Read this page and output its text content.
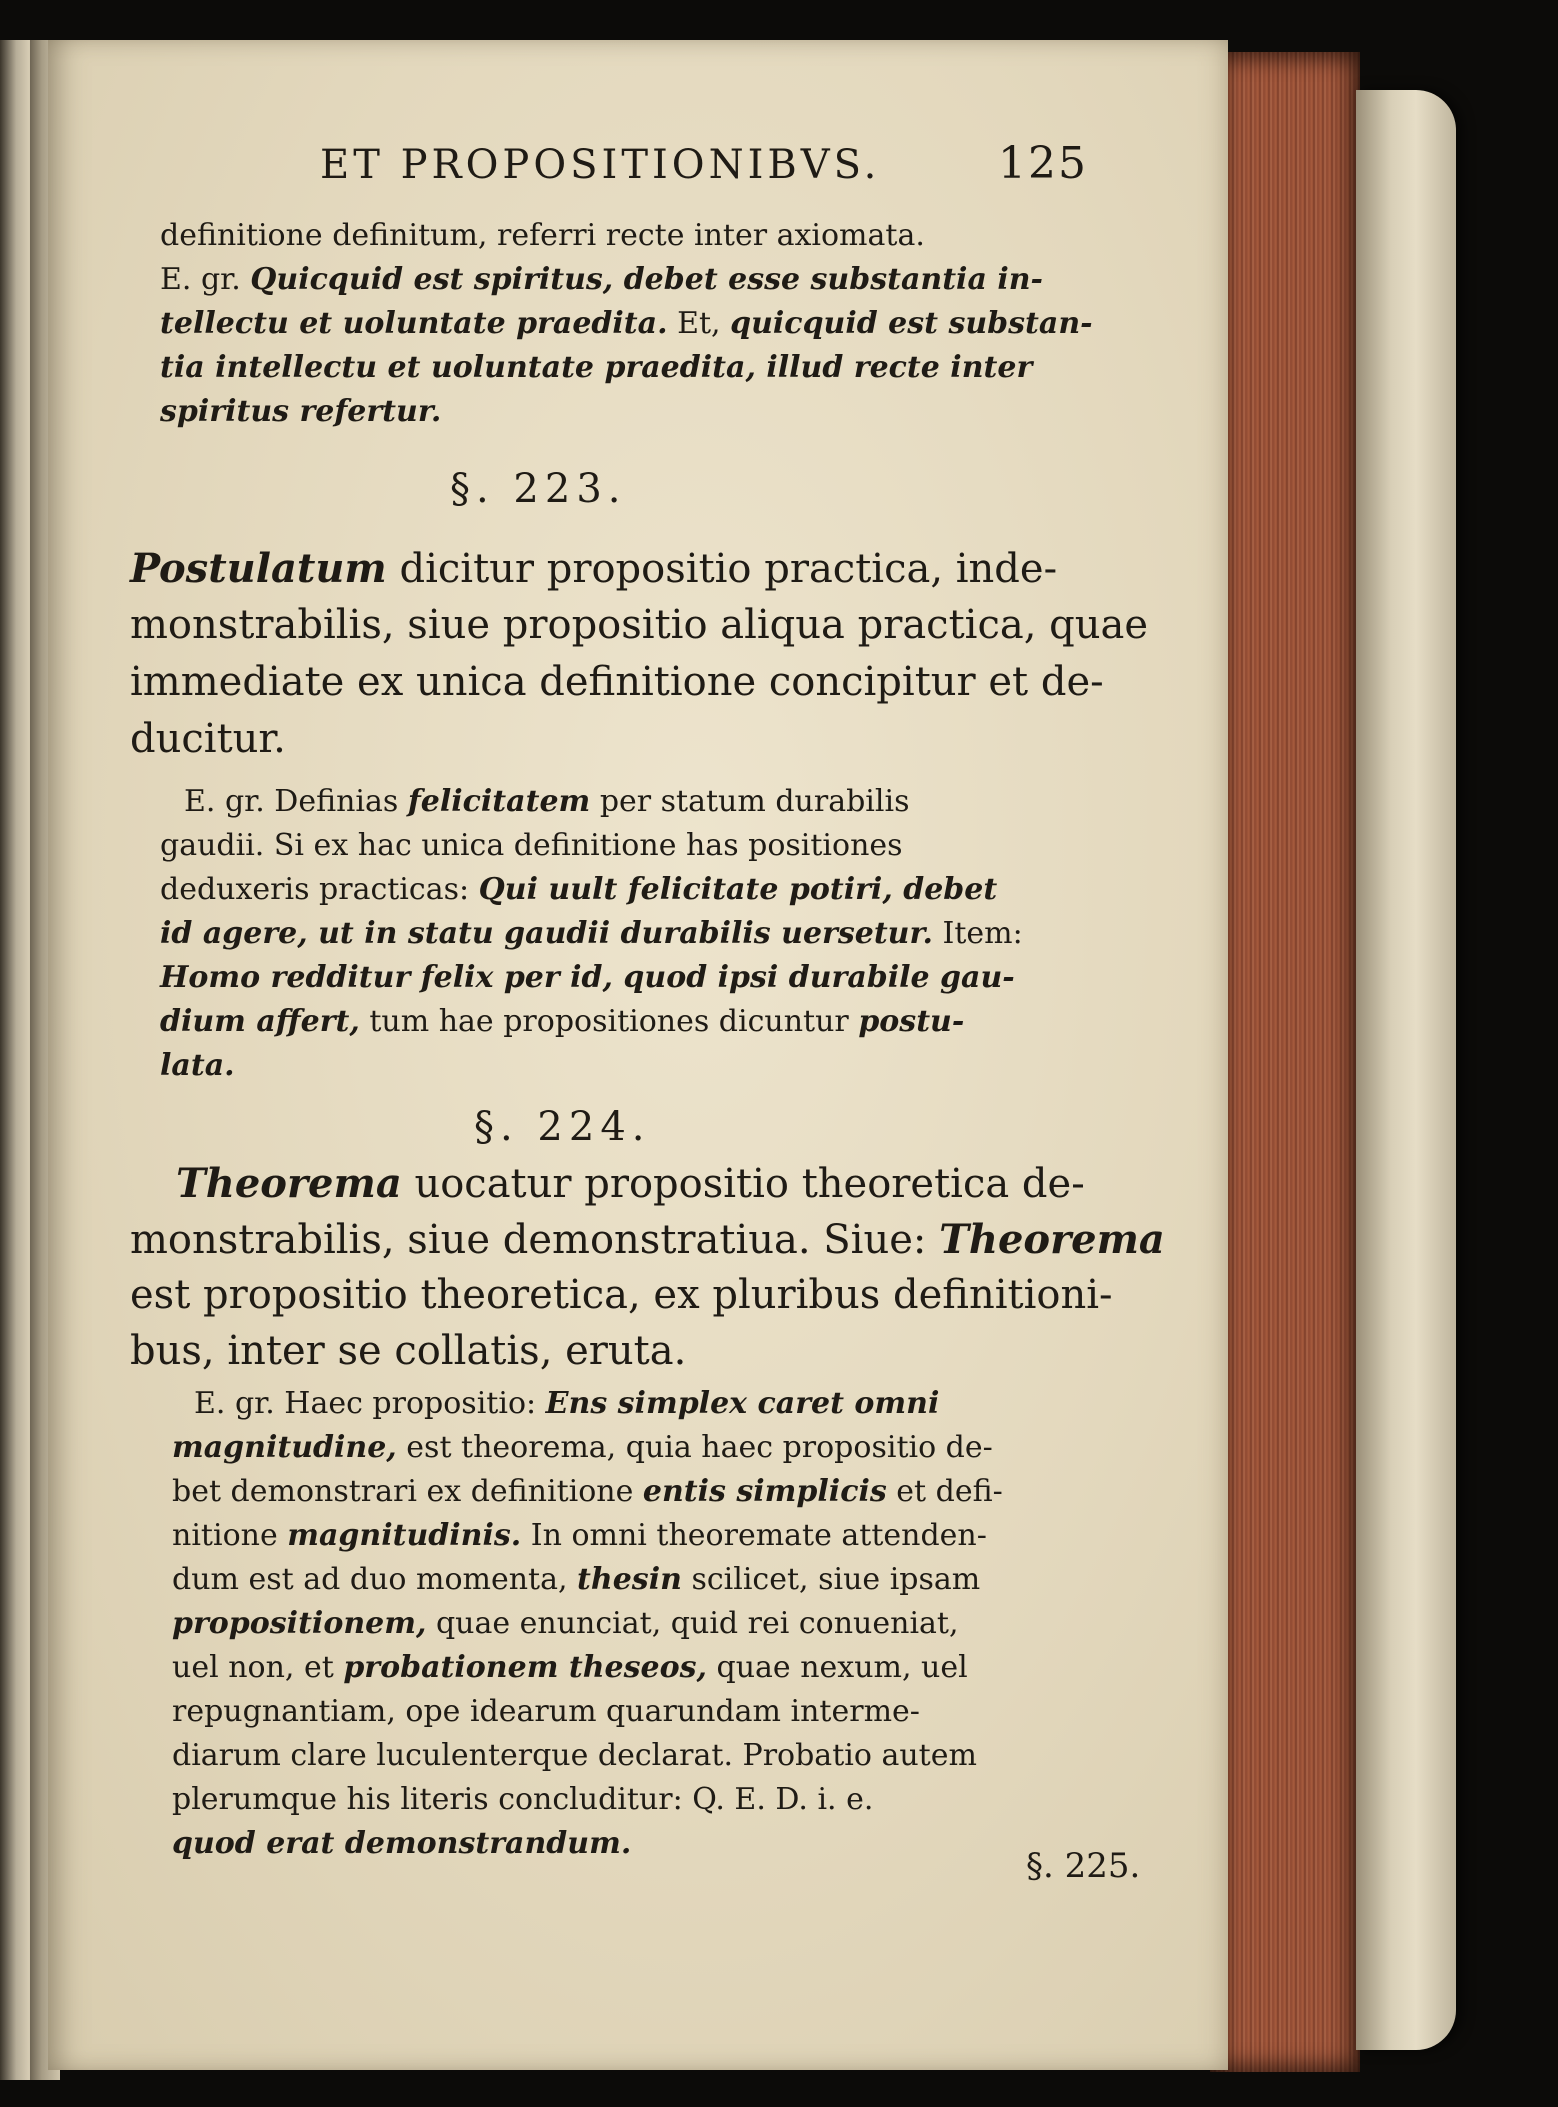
ET PROPOSITIONIBVS.	125
definitione definitum, referri recte inter axiomata.
E. gr. Quicquid est spiritus, debet esse substantia in-
tellectu et uoluntate praedita. Et, quicquid est substan-
tia intellectu et uoluntate praedita, illud recte inter
spiritus refertur.
§. 223.
Postulatum dicitur propositio practica, inde-
monstrabilis, siue propositio aliqua practica, quae
immediate ex unica definitione concipitur et de-
ducitur.
E. gr. Definias felicitatem per statum durabilis
gaudii. Si ex hac unica definitione has positiones
deduxeris practicas: Qui uult felicitate potiri, debet
id agere, ut in statu gaudii durabilis uersetur. Item:
Homo redditur felix per id, quod ipsi durabile gau-
dium affert, tum hae propositiones dicuntur postu-
lata.
§. 224.
Theorema uocatur propositio theoretica de-
monstrabilis, siue demonstratiua. Siue: Theorema
est propositio theoretica, ex pluribus definitioni-
bus, inter se collatis, eruta.
E. gr. Haec propositio: Ens simplex caret omni
magnitudine, est theorema, quia haec propositio de-
bet demonstrari ex definitione entis simplicis et defi-
nitione magnitudinis. In omni theoremate attenden-
dum est ad duo momenta, thesin scilicet, siue ipsam
propositionem, quae enunciat, quid rei conueniat,
uel non, et probationem theseos, quae nexum, uel
repugnantiam, ope idearum quarundam interme-
diarum clare luculenterque declarat. Probatio autem
plerumque his literis concluditur: Q. E. D. i. e.
quod erat demonstrandum.
§. 225.
